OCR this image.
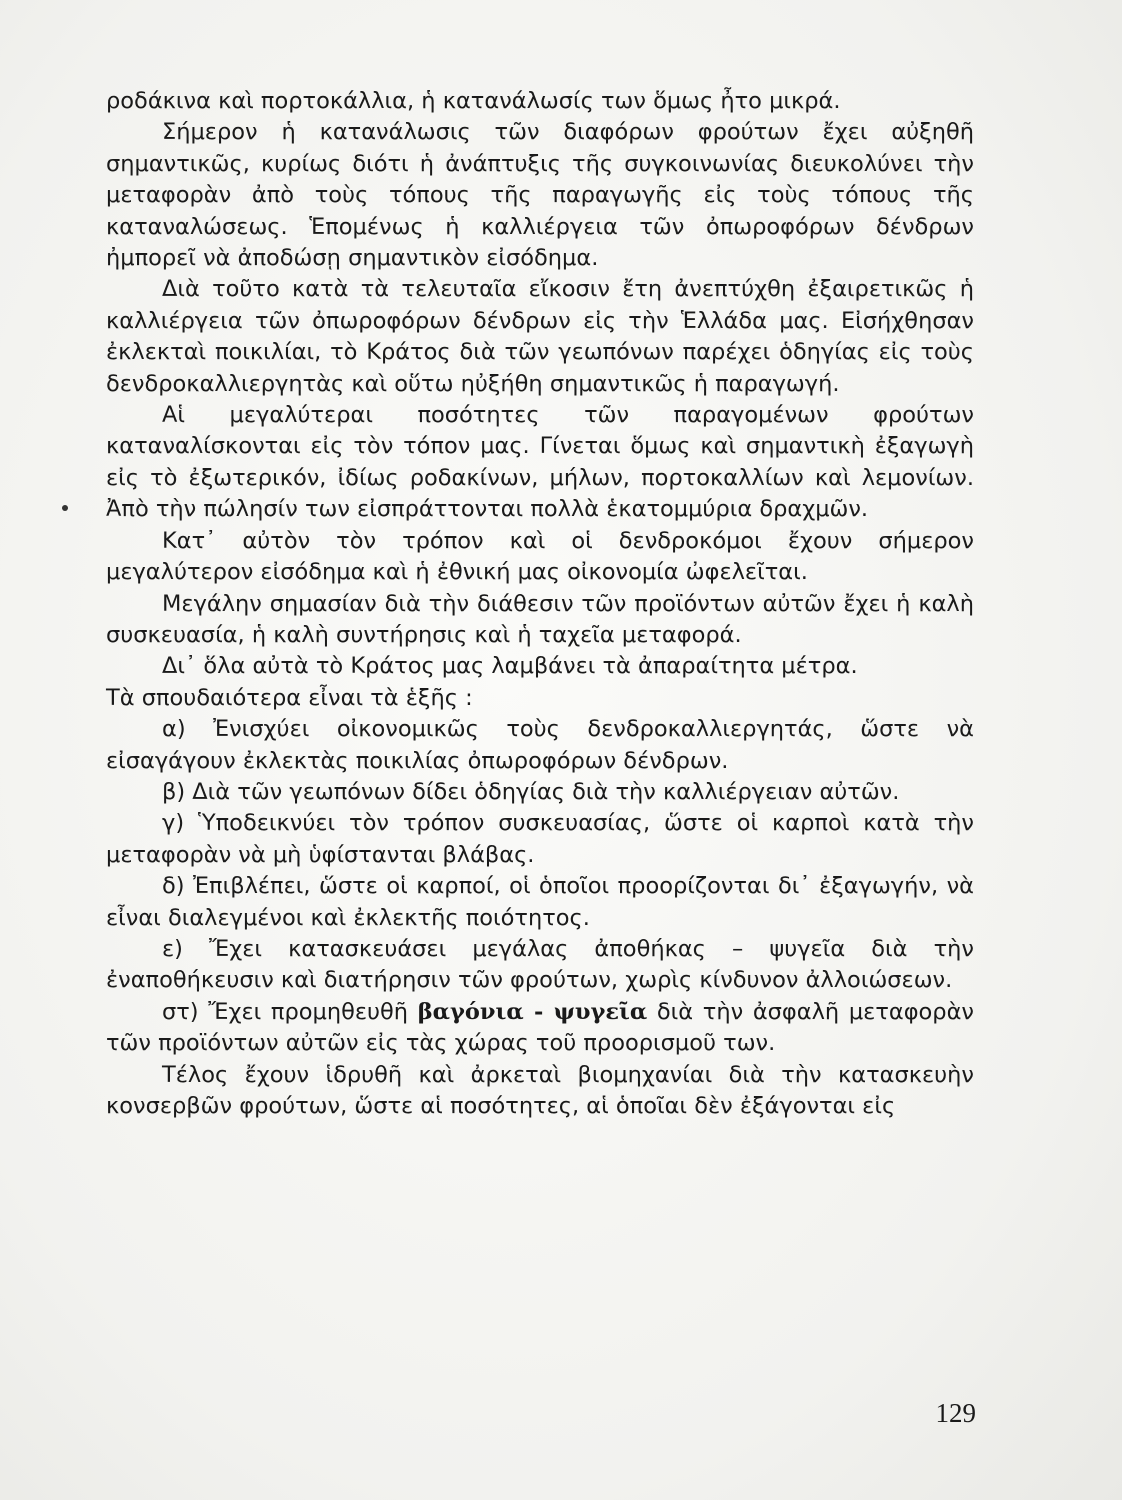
ροδάκινα καὶ πορτοκάλλια, ἡ κατανάλωσίς των ὅμως ἦτο μικρά.

Σήμερον ἡ κατανάλωσις τῶν διαφόρων φρούτων ἔχει αὐξηθῆ σημαντικῶς, κυρίως διότι ἡ ἀνάπτυξις τῆς συγκοινωνίας διευκολύνει τὴν μεταφορὰν ἀπὸ τοὺς τόπους τῆς παραγωγῆς εἰς τοὺς τόπους τῆς καταναλώσεως. Ἑπομένως ἡ καλλιέργεια τῶν ὀπωροφόρων δένδρων ἠμπορεῖ νὰ ἀποδώσῃ σημαντικὸν εἰσόδημα.

Διὰ τοῦτο κατὰ τὰ τελευταῖα εἴκοσιν ἔτη ἀνεπτύχθη ἐξαιρετικῶς ἡ καλλιέργεια τῶν ὀπωροφόρων δένδρων εἰς τὴν Ἑλλάδα μας. Εἰσήχθησαν ἐκλεκταὶ ποικιλίαι, τὸ Κράτος διὰ τῶν γεωπόνων παρέχει ὁδηγίας εἰς τοὺς δενδροκαλλιεργητὰς καὶ οὕτω ηὐξήθη σημαντικῶς ἡ παραγωγή.

Αἱ μεγαλύτεραι ποσότητες τῶν παραγομένων φρούτων καταναλίσκονται εἰς τὸν τόπον μας. Γίνεται ὅμως καὶ σημαντικὴ ἐξαγωγὴ εἰς τὸ ἐξωτερικόν, ἰδίως ροδακίνων, μήλων, πορτοκαλλίων καὶ λεμονίων. Ἀπὸ τὴν πώλησίν των εἰσπράττονται πολλὰ ἑκατομμύρια δραχμῶν.

Κατ᾽ αὐτὸν τὸν τρόπον καὶ οἱ δενδροκόμοι ἔχουν σήμερον μεγαλύτερον εἰσόδημα καὶ ἡ ἐθνική μας οἰκονομία ὠφελεῖται.

Μεγάλην σημασίαν διὰ τὴν διάθεσιν τῶν προϊόντων αὐτῶν ἔχει ἡ καλὴ συσκευασία, ἡ καλὴ συντήρησις καὶ ἡ ταχεῖα μεταφορά.

Δι᾽ ὅλα αὐτὰ τὸ Κράτος μας λαμβάνει τὰ ἀπαραίτητα μέτρα.

Τὰ σπουδαιότερα εἶναι τὰ ἑξῆς :

α) Ἐνισχύει οἰκονομικῶς τοὺς δενδροκαλλιεργητάς, ὥστε νὰ εἰσαγάγουν ἐκλεκτὰς ποικιλίας ὀπωροφόρων δένδρων.

β) Διὰ τῶν γεωπόνων δίδει ὁδηγίας διὰ τὴν καλλιέργειαν αὐτῶν.

γ) Ὑποδεικνύει τὸν τρόπον συσκευασίας, ὥστε οἱ καρποὶ κατὰ τὴν μεταφορὰν νὰ μὴ ὑφίστανται βλάβας.

δ) Ἐπιβλέπει, ὥστε οἱ καρποί, οἱ ὁποῖοι προορίζονται δι᾽ ἐξαγωγήν, νὰ εἶναι διαλεγμένοι καὶ ἐκλεκτῆς ποιότητος.

ε) Ἔχει κατασκευάσει μεγάλας ἀποθήκας – ψυγεῖα διὰ τὴν ἐναποθήκευσιν καὶ διατήρησιν τῶν φρούτων, χωρὶς κίνδυνον ἀλλοιώσεων.

στ) Ἔχει προμηθευθῆ βαγόνια - ψυγεῖα διὰ τὴν ἀσφαλῆ μεταφορὰν τῶν προϊόντων αὐτῶν εἰς τὰς χώρας τοῦ προορισμοῦ των.

Τέλος ἔχουν ἱδρυθῆ καὶ ἀρκεταὶ βιομηχανίαι διὰ τὴν κατασκευὴν κονσερβῶν φρούτων, ὥστε αἱ ποσότητες, αἱ ὁποῖαι δὲν ἐξάγονται εἰς

129
